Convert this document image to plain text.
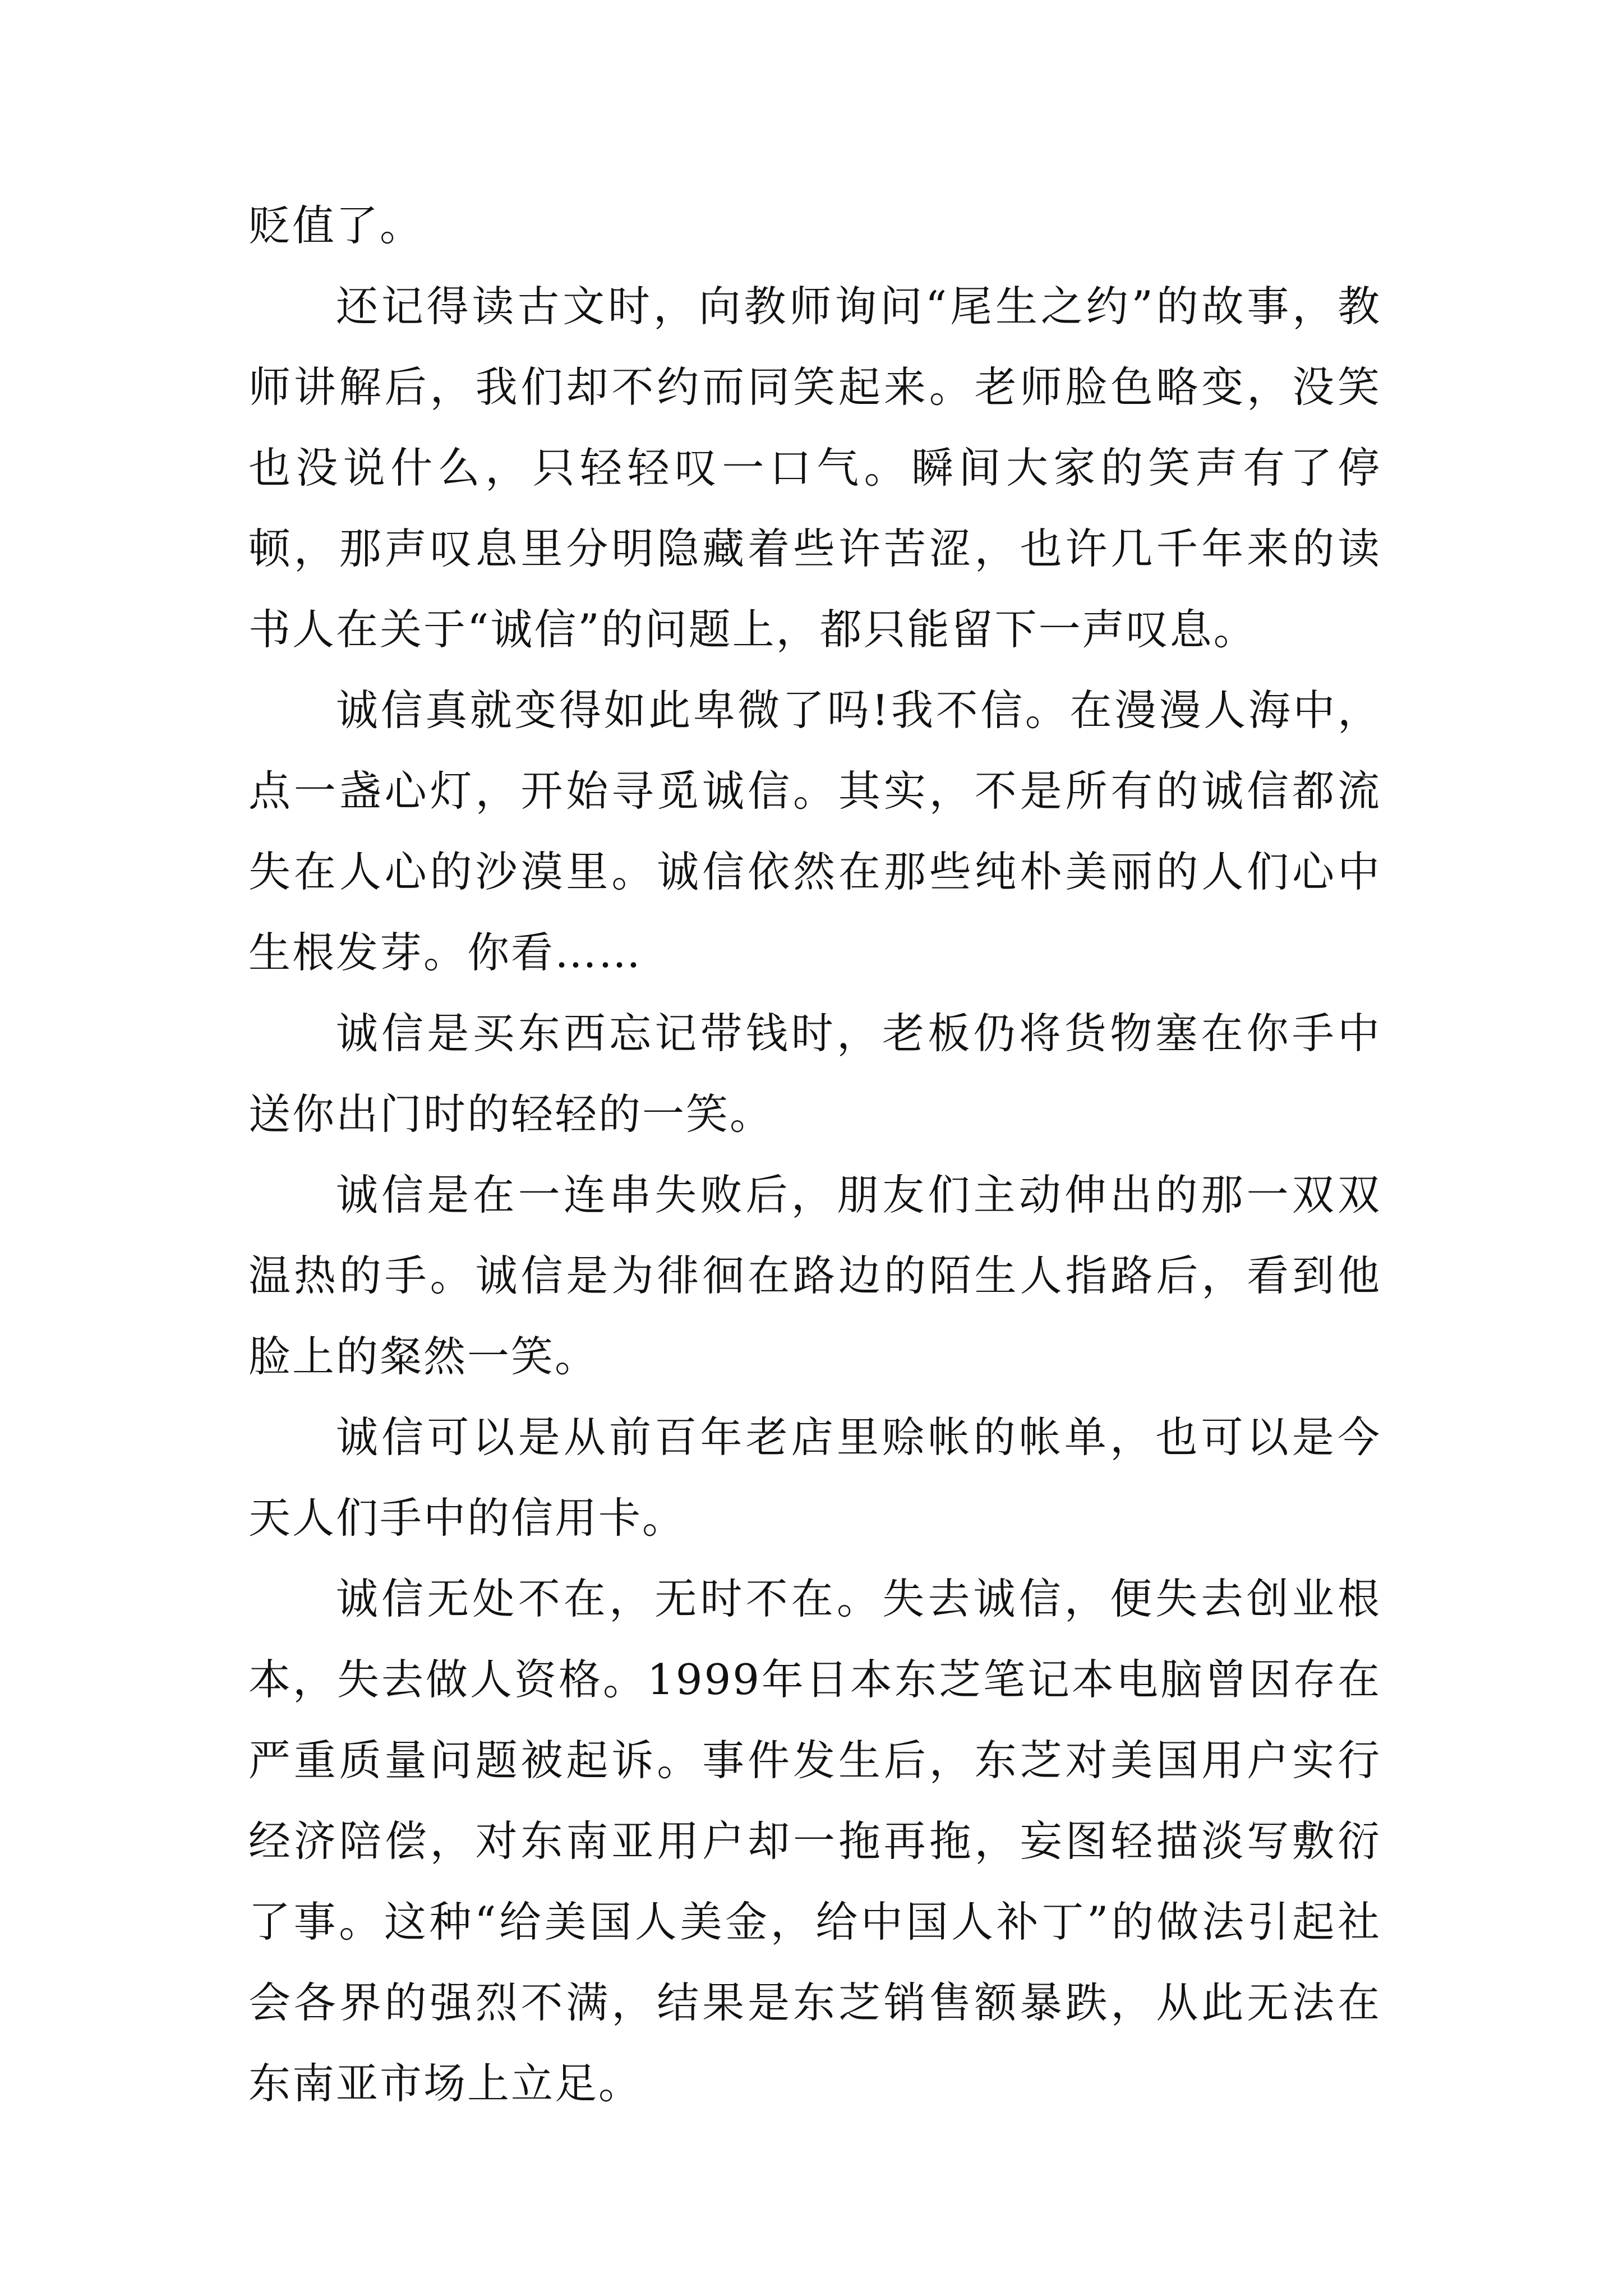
贬值了。

还记得读古文时，向教师询问“尾生之约”的故事，教师讲解后，我们却不约而同笑起来。老师脸色略变，没笑也没说什么，只轻轻叹一口气。瞬间大家的笑声有了停顿，那声叹息里分明隐藏着些许苦涩，也许几千年来的读书人在关于“诚信”的问题上，都只能留下一声叹息。

诚信真就变得如此卑微了吗!我不信。在漫漫人海中，点一盏心灯，开始寻觅诚信。其实，不是所有的诚信都流失在人心的沙漠里。诚信依然在那些纯朴美丽的人们心中生根发芽。你看……

诚信是买东西忘记带钱时，老板仍将货物塞在你手中送你出门时的轻轻的一笑。

诚信是在一连串失败后，朋友们主动伸出的那一双双温热的手。诚信是为徘徊在路边的陌生人指路后，看到他脸上的粲然一笑。

诚信可以是从前百年老店里赊帐的帐单，也可以是今天人们手中的信用卡。

诚信无处不在，无时不在。失去诚信，便失去创业根本，失去做人资格。1999年日本东芝笔记本电脑曾因存在严重质量问题被起诉。事件发生后，东芝对美国用户实行经济陪偿，对东南亚用户却一拖再拖，妄图轻描淡写敷衍了事。这种“给美国人美金，给中国人补丁”的做法引起社会各界的强烈不满，结果是东芝销售额暴跌，从此无法在东南亚市场上立足。
